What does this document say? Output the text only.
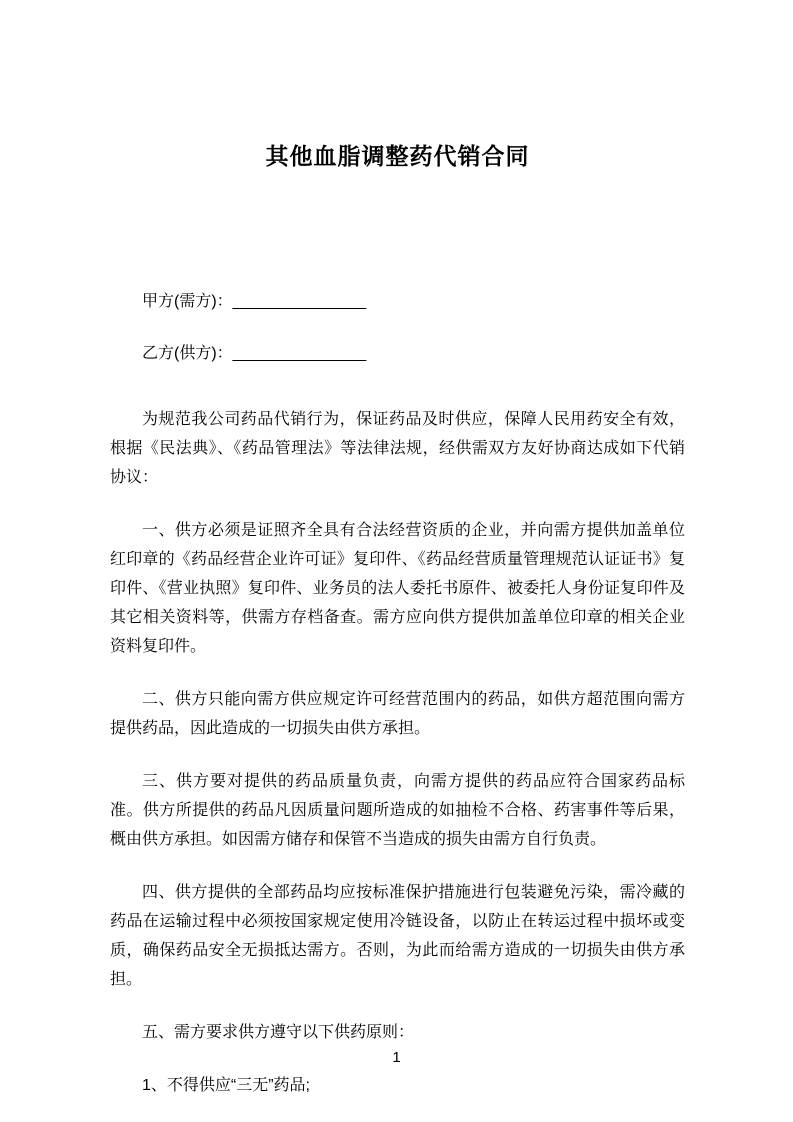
其他血脂调整药代销合同
甲方(需方)：_______________
乙方(供方)：_______________

为规范我公司药品代销行为，保证药品及时供应，保障人民用药安全有效，根据《民法典》、《药品管理法》等法律法规，经供需双方友好协商达成如下代销协议：

一、供方必须是证照齐全具有合法经营资质的企业，并向需方提供加盖单位红印章的《药品经营企业许可证》复印件、《药品经营质量管理规范认证证书》复印件、《营业执照》复印件、业务员的法人委托书原件、被委托人身份证复印件及其它相关资料等，供需方存档备查。需方应向供方提供加盖单位印章的相关企业资料复印件。

二、供方只能向需方供应规定许可经营范围内的药品，如供方超范围向需方提供药品，因此造成的一切损失由供方承担。

三、供方要对提供的药品质量负责，向需方提供的药品应符合国家药品标准。供方所提供的药品凡因质量问题所造成的如抽检不合格、药害事件等后果，概由供方承担。如因需方储存和保管不当造成的损失由需方自行负责。

四、供方提供的全部药品均应按标准保护措施进行包装避免污染，需冷藏的药品在运输过程中必须按国家规定使用冷链设备，以防止在转运过程中损坏或变质，确保药品安全无损抵达需方。否则，为此而给需方造成的一切损失由供方承担。

五、需方要求供方遵守以下供药原则：

1、不得供应“三无”药品;

1
